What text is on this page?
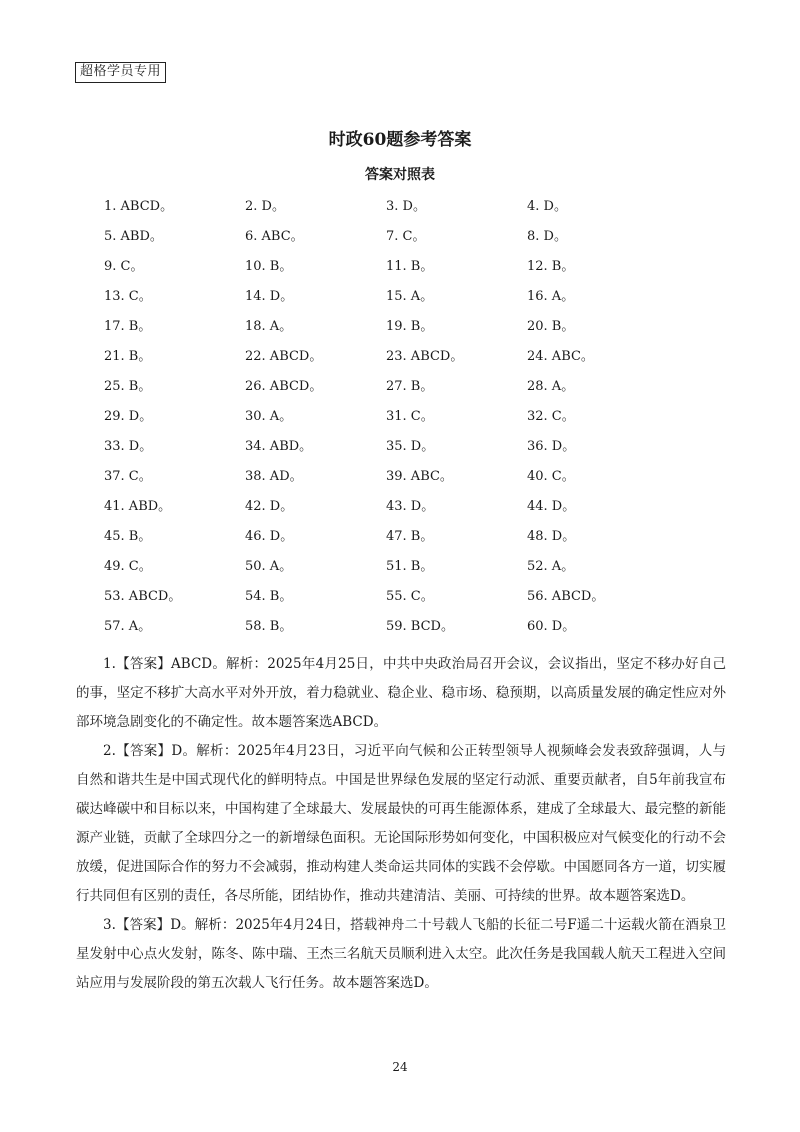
超格学员专用
时政60题参考答案
答案对照表
1. ABCD。	2. D。	3. D。	4. D。
5. ABD。	6. ABC。	7. C。	8. D。
9. C。	10. B。	11. B。	12. B。
13. C。	14. D。	15. A。	16. A。
17. B。	18. A。	19. B。	20. B。
21. B。	22. ABCD。	23. ABCD。	24. ABC。
25. B。	26. ABCD。	27. B。	28. A。
29. D。	30. A。	31. C。	32. C。
33. D。	34. ABD。	35. D。	36. D。
37. C。	38. AD。	39. ABC。	40. C。
41. ABD。	42. D。	43. D。	44. D。
45. B。	46. D。	47. B。	48. D。
49. C。	50. A。	51. B。	52. A。
53. ABCD。	54. B。	55. C。	56. ABCD。
57. A。	58. B。	59. BCD。	60. D。

1.【答案】ABCD。解析：2025年4月25日，中共中央政治局召开会议，会议指出，坚定不移办好自己的事，坚定不移扩大高水平对外开放，着力稳就业、稳企业、稳市场、稳预期，以高质量发展的确定性应对外部环境急剧变化的不确定性。故本题答案选ABCD。

2.【答案】D。解析：2025年4月23日，习近平向气候和公正转型领导人视频峰会发表致辞强调，人与自然和谐共生是中国式现代化的鲜明特点。中国是世界绿色发展的坚定行动派、重要贡献者，自5年前我宣布碳达峰碳中和目标以来，中国构建了全球最大、发展最快的可再生能源体系，建成了全球最大、最完整的新能源产业链，贡献了全球四分之一的新增绿色面积。无论国际形势如何变化，中国积极应对气候变化的行动不会放缓，促进国际合作的努力不会减弱，推动构建人类命运共同体的实践不会停歇。中国愿同各方一道，切实履行共同但有区别的责任，各尽所能，团结协作，推动共建清洁、美丽、可持续的世界。故本题答案选D。

3.【答案】D。解析：2025年4月24日，搭载神舟二十号载人飞船的长征二号F遥二十运载火箭在酒泉卫星发射中心点火发射，陈冬、陈中瑞、王杰三名航天员顺利进入太空。此次任务是我国载人航天工程进入空间站应用与发展阶段的第五次载人飞行任务。故本题答案选D。

24
